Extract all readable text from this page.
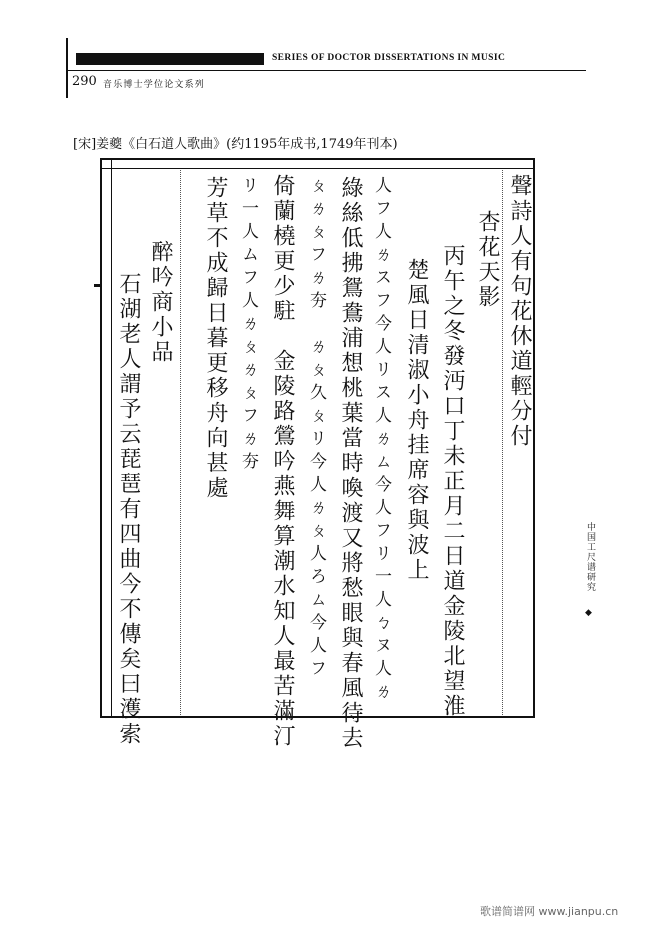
SERIES OF DOCTOR DISSERTATIONS IN MUSIC
290 音乐博士学位论文系列
[宋]姜夔《白石道人歌曲》(约1195年成书,1749年刊本)
聲詩人有句花休道輕分付
杏花天影
丙午之冬發沔口丁未正月二日道金陵北望淮
楚風日清淑小舟挂席容與波上
人フ人ㄌスフ今人リス人ㄌㄙ今人フリ一人ㄅヌ人ㄌ
綠絲低拂鴛鴦浦想桃葉當時喚渡又將愁眼與春風待去
ㄆㄌㄆフㄌ夯　ㄌㄆ久ㄆリ今人ㄌㄆ人ろㄙ今人フ
倚蘭橈更少駐　金陵路鶯吟燕舞算潮水知人最苦滿汀
リ一人ムフ人ㄌㄆㄌㄆフㄌ夯
芳草不成歸日暮更移舟向甚處
醉吟商小品
石湖老人謂予云琵琶有四曲今不傳矣曰濩索	中国工尺谱研究
◆
歌谱简谱网 www.jianpu.cn
